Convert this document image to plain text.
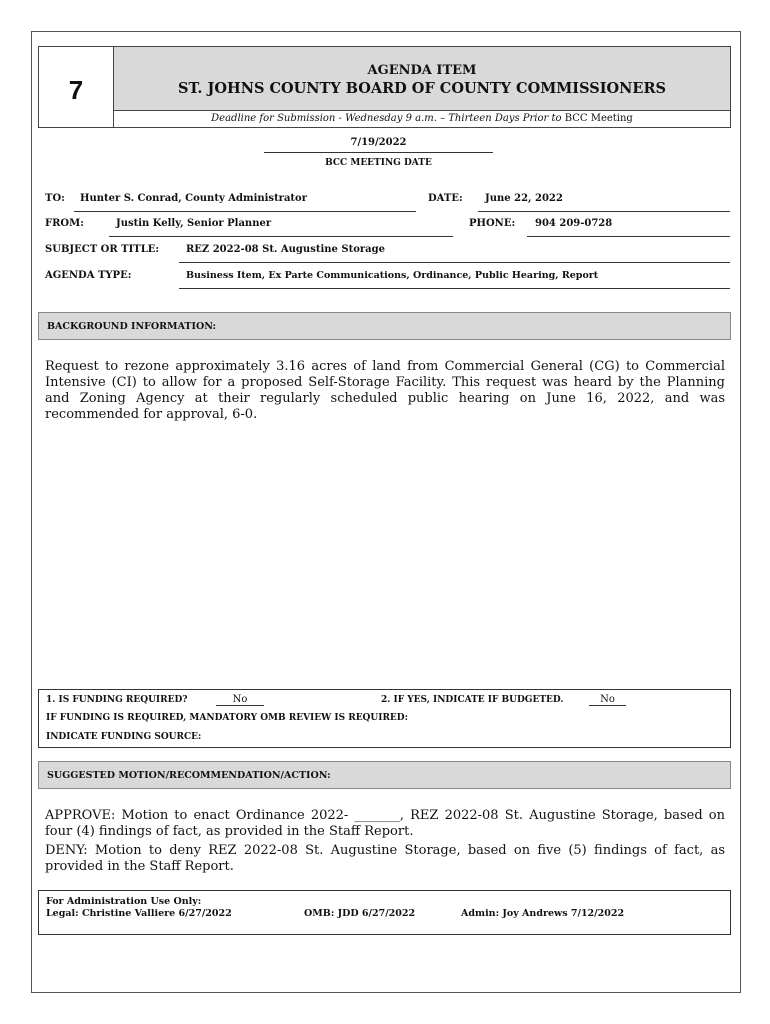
7
AGENDA ITEM
ST. JOHNS COUNTY BOARD OF COUNTY COMMISSIONERS
Deadline for Submission - Wednesday 9 a.m. – Thirteen Days Prior to BCC Meeting
7/19/2022
BCC MEETING DATE
TO: Hunter S. Conrad, County Administrator	DATE: June 22, 2022
FROM:	Justin Kelly, Senior Planner	PHONE: 904 209-0728
SUBJECT OR TITLE:	REZ 2022-08 St. Augustine Storage
AGENDA TYPE:	Business Item, Ex Parte Communications, Ordinance, Public Hearing, Report
BACKGROUND INFORMATION:
Request to rezone approximately 3.16 acres of land from Commercial General (CG) to Commercial Intensive (CI) to allow for a proposed Self-Storage Facility. This request was heard by the Planning and Zoning Agency at their regularly scheduled public hearing on June 16, 2022, and was recommended for approval, 6-0.
1. IS FUNDING REQUIRED?	No	2. IF YES, INDICATE IF BUDGETED.	No
IF FUNDING IS REQUIRED, MANDATORY OMB REVIEW IS REQUIRED:
INDICATE FUNDING SOURCE:
SUGGESTED MOTION/RECOMMENDATION/ACTION:
APPROVE: Motion to enact Ordinance 2022- _______, REZ 2022-08 St. Augustine Storage, based on four (4) findings of fact, as provided in the Staff Report.
DENY: Motion to deny REZ 2022-08 St. Augustine Storage, based on five (5) findings of fact, as provided in the Staff Report.
For Administration Use Only:
Legal: Christine Valliere 6/27/2022	OMB: JDD 6/27/2022	Admin: Joy Andrews 7/12/2022
